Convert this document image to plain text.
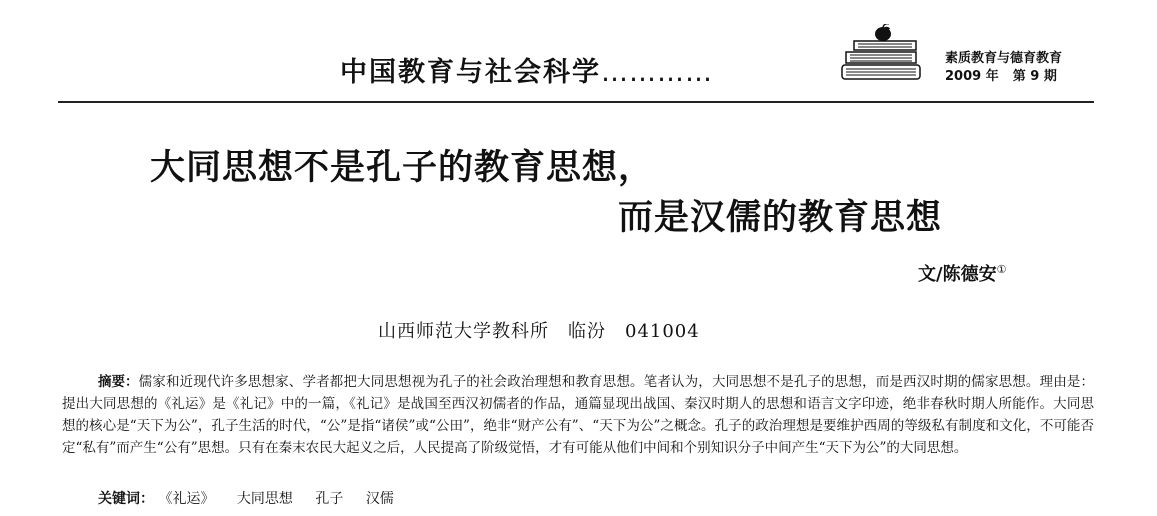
中国教育与社会科学…………	素质教育与德育教育
2009 年 第 9 期
大同思想不是孔子的教育思想，
而是汉儒的教育思想
文/陈德安①
山西师范大学教科所　临汾　041004

摘要：儒家和近现代许多思想家、学者都把大同思想视为孔子的社会政治理想和教育思想。笔者认为，大同思想不是孔子的思想，而是西汉时期的儒家思想。理由是：提出大同思想的《礼运》是《礼记》中的一篇，《礼记》是战国至西汉初儒者的作品，通篇显现出战国、秦汉时期人的思想和语言文字印迹，绝非春秋时期人所能作。大同思想的核心是“天下为公”，孔子生活的时代，“公”是指“诸侯”或“公田”，绝非“财产公有”、“天下为公”之概念。孔子的政治理想是要维护西周的等级私有制度和文化，不可能否定“私有”而产生“公有”思想。只有在秦末农民大起义之后，人民提高了阶级觉悟，才有可能从他们中间和个别知识分子中间产生“天下为公”的大同思想。

关键词： 《礼运》 大同思想 孔子 汉儒
